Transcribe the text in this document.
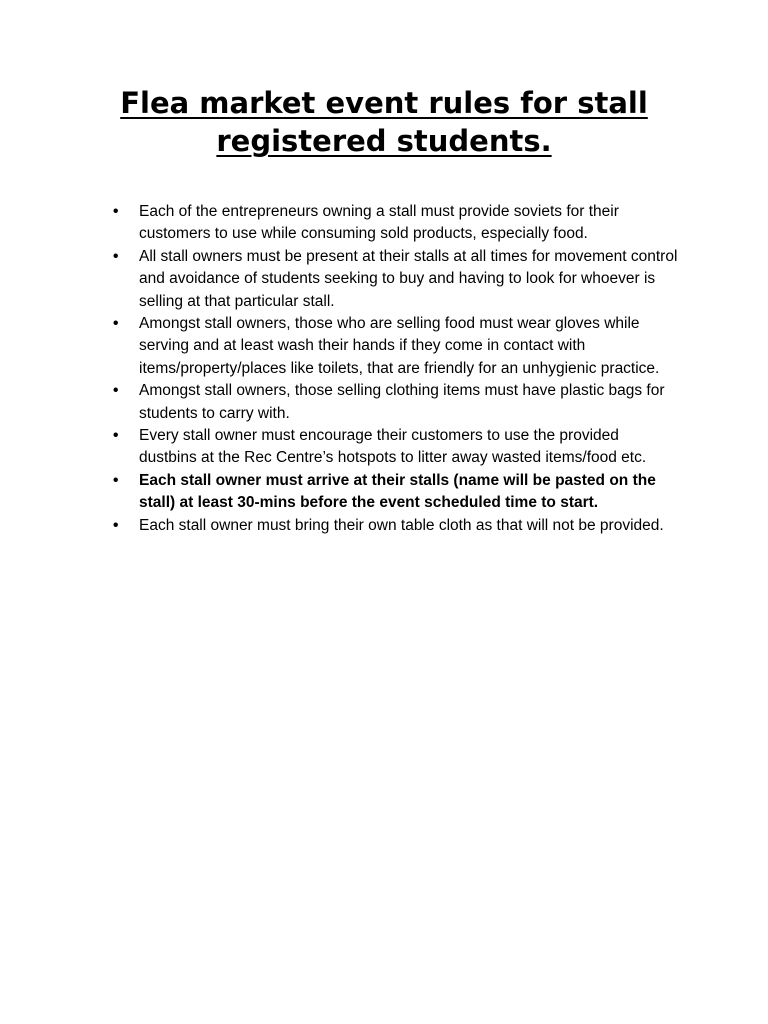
Flea market event rules for stall registered students.
•	Each of the entrepreneurs owning a stall must provide soviets for their customers to use while consuming sold products, especially food.
•	All stall owners must be present at their stalls at all times for movement control and avoidance of students seeking to buy and having to look for whoever is selling at that particular stall.
•	Amongst stall owners, those who are selling food must wear gloves while serving and at least wash their hands if they come in contact with items/property/places like toilets, that are friendly for an unhygienic practice.
•	Amongst stall owners, those selling clothing items must have plastic bags for students to carry with.
•	Every stall owner must encourage their customers to use the provided dustbins at the Rec Centre’s hotspots to litter away wasted items/food etc.
•	Each stall owner must arrive at their stalls (name will be pasted on the stall) at least 30-mins before the event scheduled time to start.
•	Each stall owner must bring their own table cloth as that will not be provided.
